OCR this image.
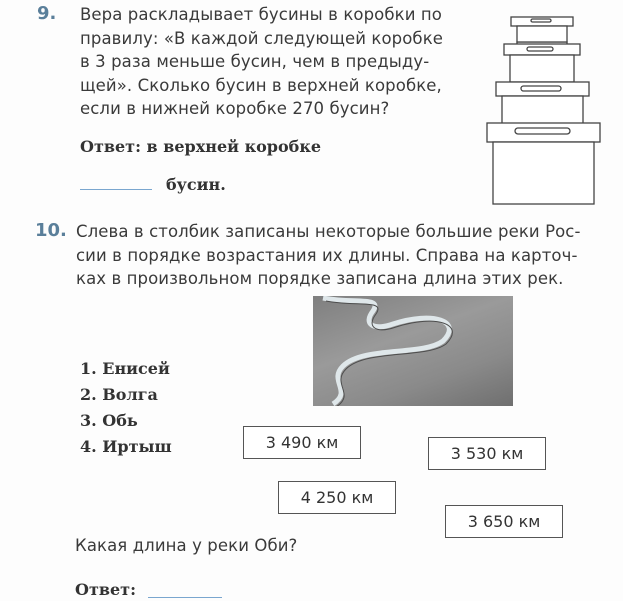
9. Вера раскладывает бусины в коробки по
правилу: «В каждой следующей коробке
в 3 раза меньше бусин, чем в предыду-
щей». Сколько бусин в верхней коробке,
если в нижней коробке 270 бусин?
Ответ: в верхней коробке
бусин.
10. Слева в столбик записаны некоторые большие реки Рос-
сии в порядке возрастания их длины. Справа на карточ-
ках в произвольном порядке записана длина этих рек.
1. Енисей
2. Волга
3. Обь
4. Иртыш	3 490 км
3 530 км
4 250 км
3 650 км
Какая длина у реки Оби?
Ответ:
